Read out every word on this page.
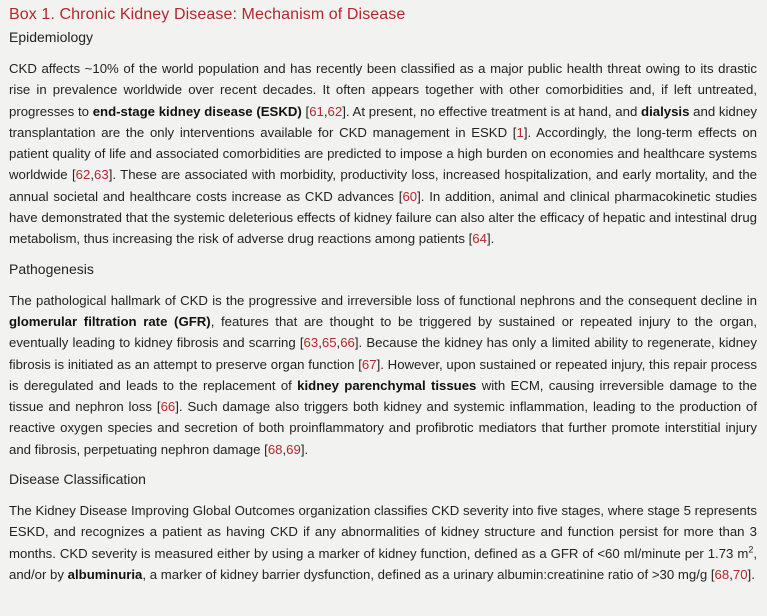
Box 1. Chronic Kidney Disease: Mechanism of Disease
Epidemiology
CKD affects ~10% of the world population and has recently been classified as a major public health threat owing to its drastic rise in prevalence worldwide over recent decades. It often appears together with other comorbidities and, if left untreated, progresses to end-stage kidney disease (ESKD) [61,62]. At present, no effective treatment is at hand, and dialysis and kidney transplantation are the only interventions available for CKD management in ESKD [1]. Accordingly, the long-term effects on patient quality of life and associated comorbidities are predicted to impose a high burden on economies and healthcare systems worldwide [62,63]. These are associated with morbidity, productivity loss, increased hospitalization, and early mortality, and the annual societal and healthcare costs increase as CKD advances [60]. In addition, animal and clinical pharmacokinetic studies have demonstrated that the systemic deleterious effects of kidney failure can also alter the efficacy of hepatic and intestinal drug metabolism, thus increasing the risk of adverse drug reactions among patients [64].
Pathogenesis
The pathological hallmark of CKD is the progressive and irreversible loss of functional nephrons and the consequent decline in glomerular filtration rate (GFR), features that are thought to be triggered by sustained or repeated injury to the organ, eventually leading to kidney fibrosis and scarring [63,65,66]. Because the kidney has only a limited ability to regenerate, kidney fibrosis is initiated as an attempt to preserve organ function [67]. However, upon sustained or repeated injury, this repair process is deregulated and leads to the replacement of kidney parenchymal tissues with ECM, causing irreversible damage to the tissue and nephron loss [66]. Such damage also triggers both kidney and systemic inflammation, leading to the production of reactive oxygen species and secretion of both proinflammatory and profibrotic mediators that further promote interstitial injury and fibrosis, perpetuating nephron damage [68,69].
Disease Classification
The Kidney Disease Improving Global Outcomes organization classifies CKD severity into five stages, where stage 5 represents ESKD, and recognizes a patient as having CKD if any abnormalities of kidney structure and function persist for more than 3 months. CKD severity is measured either by using a marker of kidney function, defined as a GFR of <60 ml/minute per 1.73 $m^2$, and/or by albuminuria, a marker of kidney barrier dysfunction, defined as a urinary albumin:creatinine ratio of >30 mg/g [68,70].
